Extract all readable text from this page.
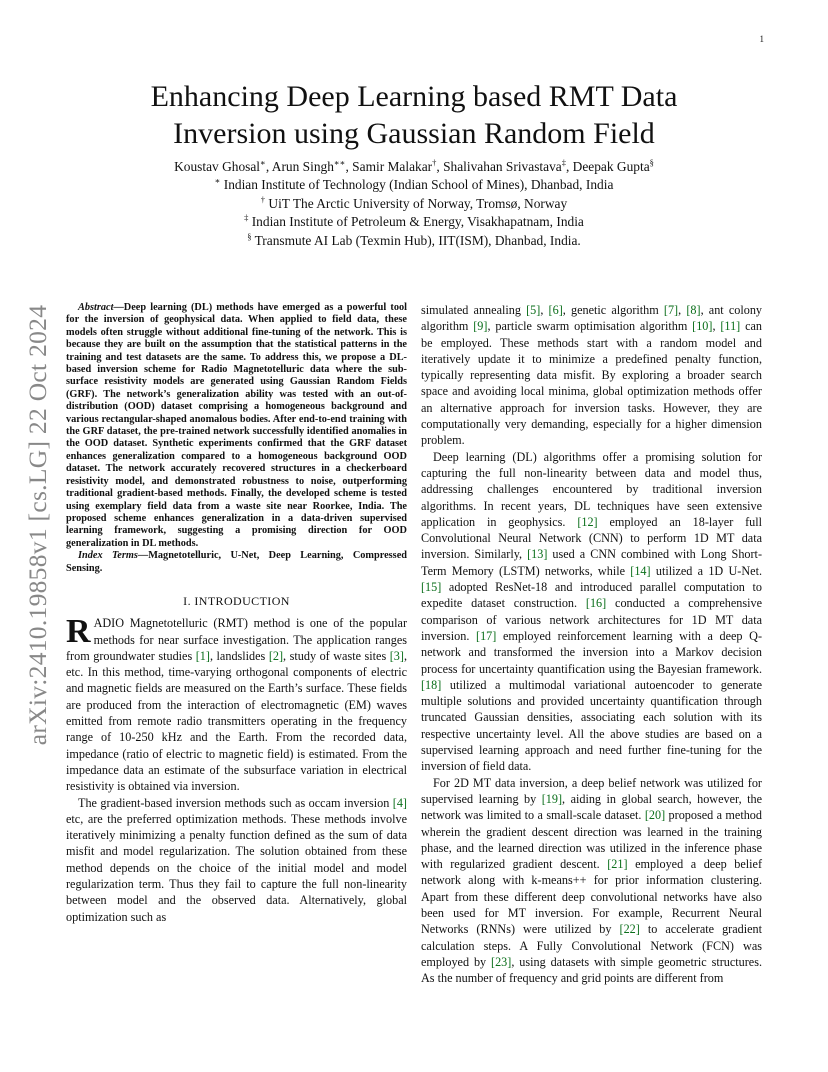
1
arXiv:2410.19858v1 [cs.LG] 22 Oct 2024
Enhancing Deep Learning based RMT Data
Inversion using Gaussian Random Field
Koustav Ghosal∗, Arun Singh∗∗, Samir Malakar†, Shalivahan Srivastava‡, Deepak Gupta§
∗ Indian Institute of Technology (Indian School of Mines), Dhanbad, India
† UiT The Arctic University of Norway, Tromsø, Norway
‡ Indian Institute of Petroleum & Energy, Visakhapatnam, India
§ Transmute AI Lab (Texmin Hub), IIT(ISM), Dhanbad, India.

Abstract—Deep learning (DL) methods have emerged as a powerful tool for the inversion of geophysical data. When applied to field data, these models often struggle without additional fine-tuning of the network. This is because they are built on the assumption that the statistical patterns in the training and test datasets are the same. To address this, we propose a DL-based inversion scheme for Radio Magnetotelluric data where the sub-surface resistivity models are generated using Gaussian Random Fields (GRF). The network’s generalization ability was tested with an out-of-distribution (OOD) dataset comprising a homogeneous background and various rectangular-shaped anomalous bodies. After end-to-end training with the GRF dataset, the pre-trained network successfully identified anomalies in the OOD dataset. Synthetic experiments confirmed that the GRF dataset enhances generalization compared to a homogeneous background OOD dataset. The network accurately recovered structures in a checkerboard resistivity model, and demonstrated robustness to noise, outperforming traditional gradient-based methods. Finally, the developed scheme is tested using exemplary field data from a waste site near Roorkee, India. The proposed scheme enhances generalization in a data-driven supervised learning framework, suggesting a promising direction for OOD generalization in DL methods.

Index Terms—Magnetotelluric, U-Net, Deep Learning, Compressed Sensing.

I. INTRODUCTION

RADIO Magnetotelluric (RMT) method is one of the popular methods for near surface investigation. The application ranges from groundwater studies [1], landslides [2], study of waste sites [3], etc. In this method, time-varying orthogonal components of electric and magnetic fields are measured on the Earth’s surface. These fields are produced from the interaction of electromagnetic (EM) waves emitted from remote radio transmitters operating in the frequency range of 10-250 kHz and the Earth. From the recorded data, impedance (ratio of electric to magnetic field) is estimated. From the impedance data an estimate of the subsurface variation in electrical resistivity is obtained via inversion.

The gradient-based inversion methods such as occam inversion [4] etc, are the preferred optimization methods. These methods involve iteratively minimizing a penalty function defined as the sum of data misfit and model regularization. The solution obtained from these method depends on the choice of the initial model and model regularization term. Thus they fail to capture the full non-linearity between model and the observed data. Alternatively, global optimization such as

simulated annealing [5], [6], genetic algorithm [7], [8], ant colony algorithm [9], particle swarm optimisation algorithm [10], [11] can be employed. These methods start with a random model and iteratively update it to minimize a predefined penalty function, typically representing data misfit. By exploring a broader search space and avoiding local minima, global optimization methods offer an alternative approach for inversion tasks. However, they are computationally very demanding, especially for a higher dimension problem.

Deep learning (DL) algorithms offer a promising solution for capturing the full non-linearity between data and model thus, addressing challenges encountered by traditional inversion algorithms. In recent years, DL techniques have seen extensive application in geophysics. [12] employed an 18-layer full Convolutional Neural Network (CNN) to perform 1D MT data inversion. Similarly, [13] used a CNN combined with Long Short-Term Memory (LSTM) networks, while [14] utilized a 1D U-Net. [15] adopted ResNet-18 and introduced parallel computation to expedite dataset construction. [16] conducted a comprehensive comparison of various network architectures for 1D MT data inversion. [17] employed reinforcement learning with a deep Q-network and transformed the inversion into a Markov decision process for uncertainty quantification using the Bayesian framework. [18] utilized a multimodal variational autoencoder to generate multiple solutions and provided uncertainty quantification through truncated Gaussian densities, associating each solution with its respective uncertainty level. All the above studies are based on a supervised learning approach and need further fine-tuning for the inversion of field data.

For 2D MT data inversion, a deep belief network was utilized for supervised learning by [19], aiding in global search, however, the network was limited to a small-scale dataset. [20] proposed a method wherein the gradient descent direction was learned in the training phase, and the learned direction was utilized in the inference phase with regularized gradient descent. [21] employed a deep belief network along with k-means++ for prior information clustering. Apart from these different deep convolutional networks have also been used for MT inversion. For example, Recurrent Neural Networks (RNNs) were utilized by [22] to accelerate gradient calculation steps. A Fully Convolutional Network (FCN) was employed by [23], using datasets with simple geometric structures. As the number of frequency and grid points are different from
